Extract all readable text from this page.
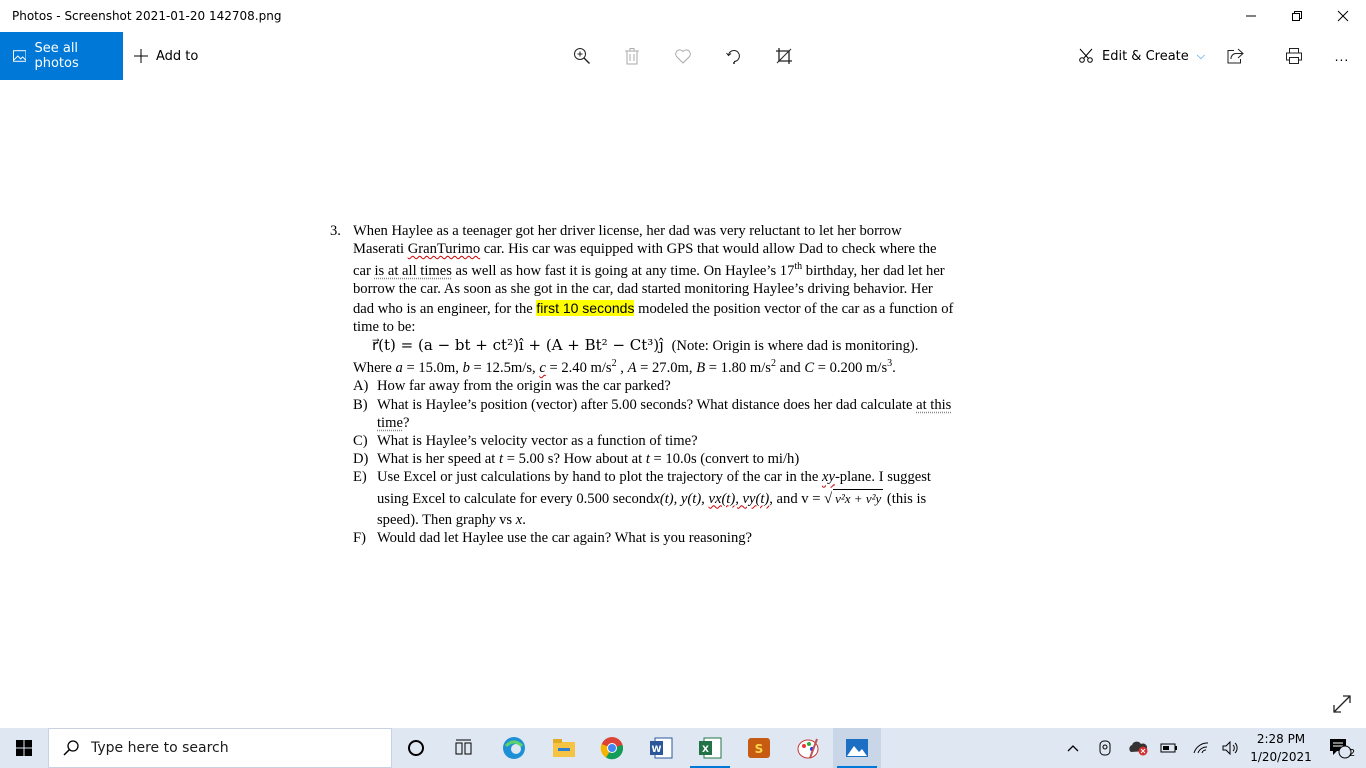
Photos - Screenshot 2021-01-20 142708.png
See all photos	Add to	Edit & Create ⌵	...
3. When Haylee as a teenager got her driver license, her dad was very reluctant to let her borrow

Maserati GranTurimo car. His car was equipped with GPS that would allow Dad to check where the

car is at all times as well as how fast it is going at any time. On Haylee’s 17th birthday, her dad let her

borrow the car. As soon as she got in the car, dad started monitoring Haylee’s driving behavior. Her

dad who is an engineer, for the first 10 seconds modeled the position vector of the car as a function of

time to be:

r⃗(t) = (a − bt + ct²)î + (A + Bt² − Ct³)ĵ (Note: Origin is where dad is monitoring).

Where a = 15.0m, b = 12.5m/s, c = 2.40 $m/s^2$ , A = 27.0m, B = 1.80 $m/s^2$ and C = 0.200 $m/s^3$.

A) How far away from the origin was the car parked?
B) What is Haylee’s position (vector) after 5.00 seconds? What distance does her dad calculate at this
time?
C) What is Haylee’s velocity vector as a function of time?
D) What is her speed at t = 5.00 s? How about at t = 10.0s (convert to mi/h)
E) Use Excel or just calculations by hand to plot the trajectory of the car in the xy-plane. I suggest
using Excel to calculate for every 0.500 secondx(t), y(t), vx(t), vy(t), and v = √ v²x + v²y (this is
speed). Then graphy vs x.
F) Would dad let Haylee use the car again? What is you reasoning?
Type here to search	W	X	S
2:28 PM
1/20/2021	2
